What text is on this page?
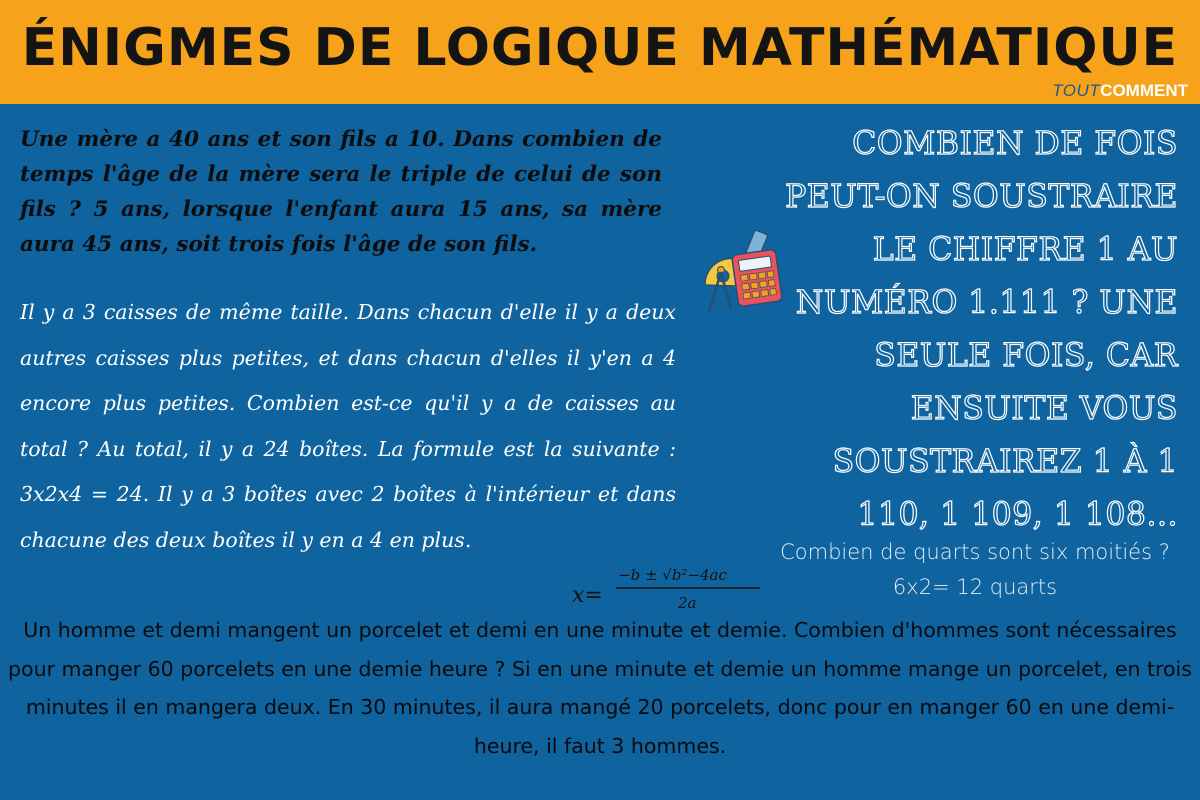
ÉNIGMES DE LOGIQUE MATHÉMATIQUE
TOUTCOMMENT

Une mère a 40 ans et son fils a 10. Dans combien de temps l'âge de la mère sera le triple de celui de son fils ? 5 ans, lorsque l'enfant aura 15 ans, sa mère aura 45 ans, soit trois fois l'âge de son fils.

Il y a 3 caisses de même taille. Dans chacun d'elle il y a deux autres caisses plus petites, et dans chacun d'elles il y'en a 4 encore plus petites. Combien est-ce qu'il y a de caisses au total ? Au total, il y a 24 boîtes. La formule est la suivante : 3x2x4 = 24. Il y a 3 boîtes avec 2 boîtes à l'intérieur et dans chacune des deux boîtes il y en a 4 en plus.

COMBIEN DE FOIS PEUT-ON SOUSTRAIRE LE CHIFFRE 1 AU NUMÉRO 1.111 ? UNE SEULE FOIS, CAR ENSUITE VOUS SOUSTRAIREZ 1 À 1 110, 1 109, 1 108...

Combien de quarts sont six moitiés ? 6x2= 12 quarts

Un homme et demi mangent un porcelet et demi en une minute et demie. Combien d'hommes sont nécessaires pour manger 60 porcelets en une demie heure ? Si en une minute et demie un homme mange un porcelet, en trois minutes il en mangera deux. En 30 minutes, il aura mangé 20 porcelets, donc pour en manger 60 en une demi-heure, il faut 3 hommes.

x=
−b ± √b²−4ac
2a
